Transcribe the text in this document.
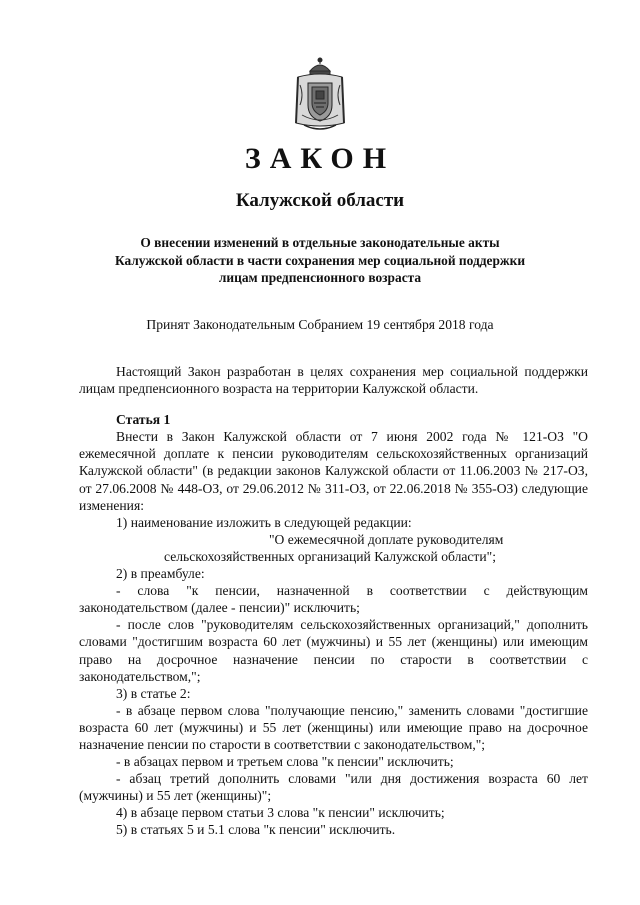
ЗАКОН
Калужской области
О внесении изменений в отдельные законодательные акты
Калужской области в части сохранения мер социальной поддержки
лицам предпенсионного возраста
Принят Законодательным Собранием 19 сентября 2018 года

Настоящий Закон разработан в целях сохранения мер социальной поддержки лицам предпенсионного возраста на территории Калужской области.

Статья 1

Внести в Закон Калужской области от 7 июня 2002 года № 121-ОЗ "О ежемесячной доплате к пенсии руководителям сельскохозяйственных организаций Калужской области" (в редакции законов Калужской области от 11.06.2003 № 217-ОЗ, от 27.06.2008 № 448-ОЗ, от 29.06.2012 № 311-ОЗ, от 22.06.2018 № 355-ОЗ) следующие изменения:

1) наименование изложить в следующей редакции:

"О ежемесячной доплате руководителям

сельскохозяйственных организаций Калужской области";

2) в преамбуле:

- слова "к пенсии, назначенной в соответствии с действующим законодательством (далее - пенсии)" исключить;

- после слов "руководителям сельскохозяйственных организаций," дополнить словами "достигшим возраста 60 лет (мужчины) и 55 лет (женщины) или имеющим право на досрочное назначение пенсии по старости в соответствии с законодательством,";

3) в статье 2:

- в абзаце первом слова "получающие пенсию," заменить словами "достигшие возраста 60 лет (мужчины) и 55 лет (женщины) или имеющие право на досрочное назначение пенсии по старости в соответствии с законодательством,";

- в абзацах первом и третьем слова "к пенсии" исключить;

- абзац третий дополнить словами "или дня достижения возраста 60 лет (мужчины) и 55 лет (женщины)";

4) в абзаце первом статьи 3 слова "к пенсии" исключить;

5) в статьях 5 и 5.1 слова "к пенсии" исключить.
